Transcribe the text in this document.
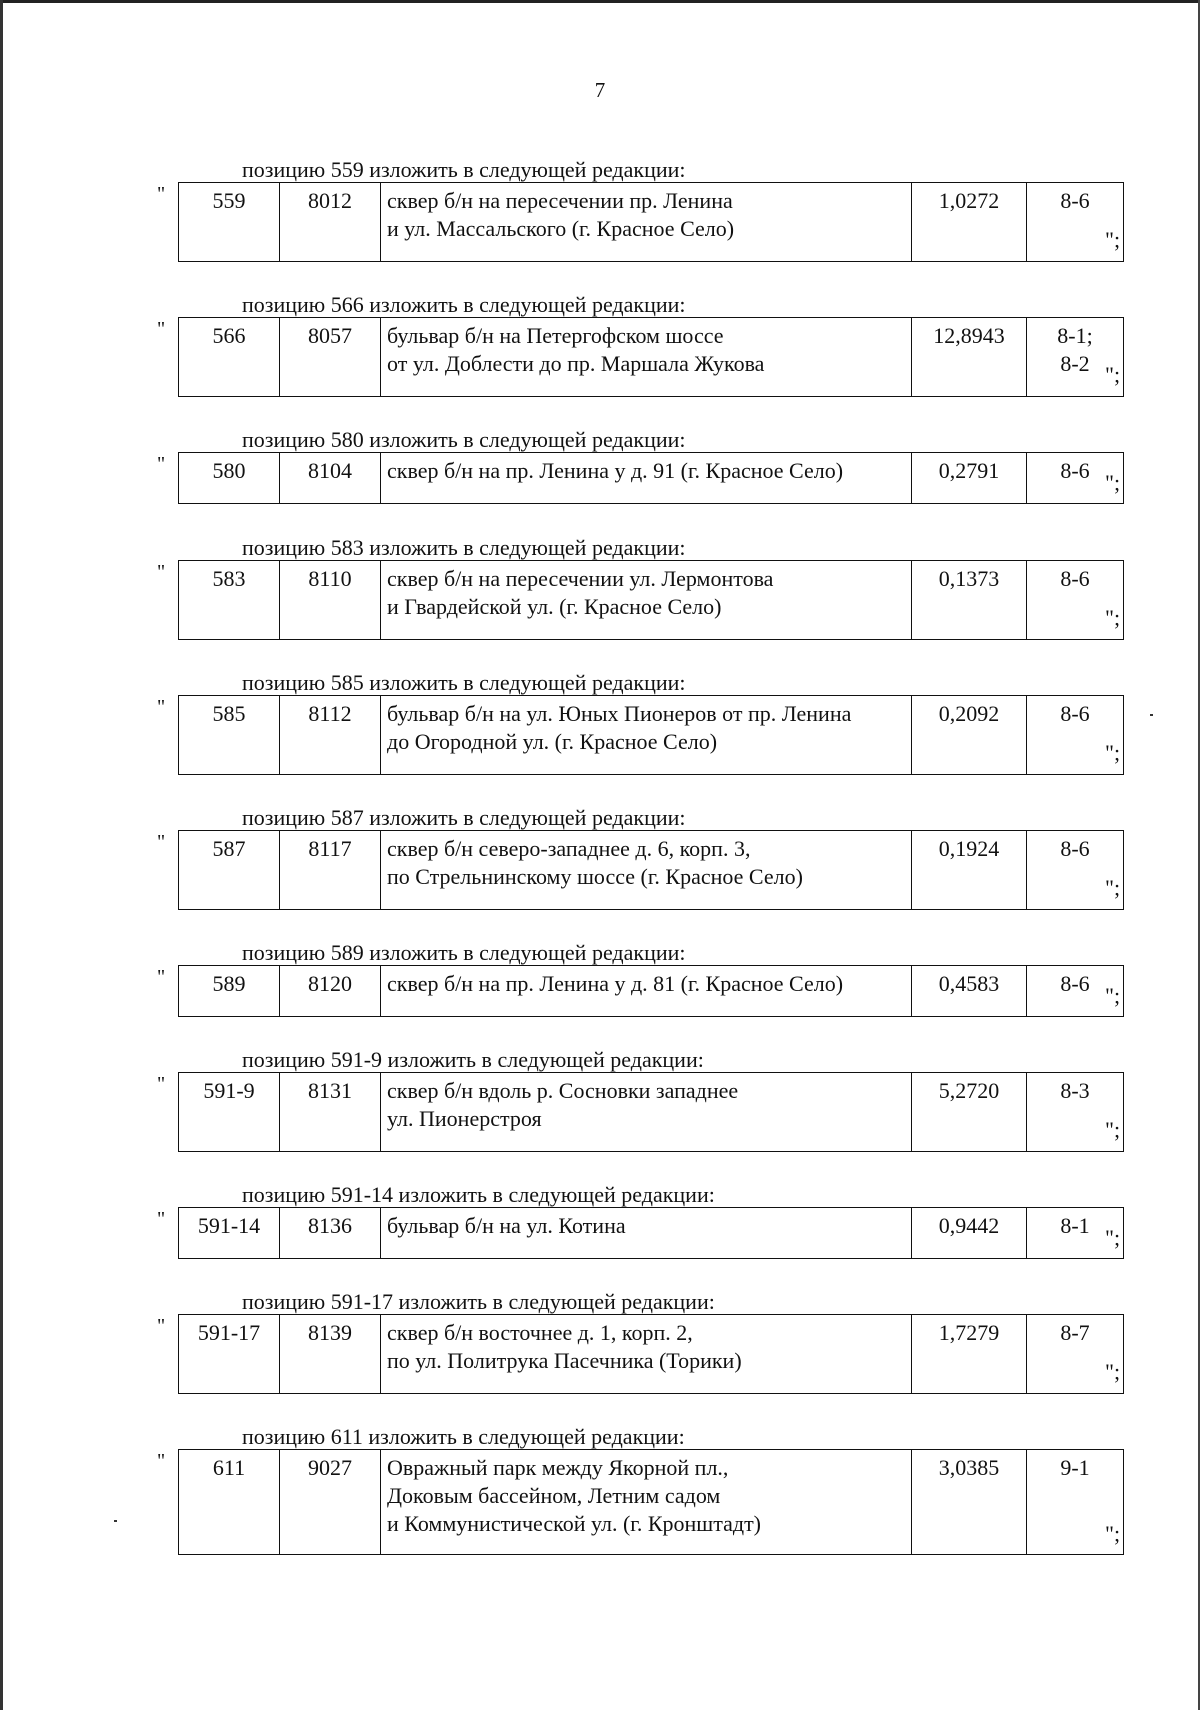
7
позицию 559 изложить в следующей редакции:
" 559	8012	сквер б/н на пересечении пр. Ленина
и ул. Массальского (г. Красное Село)
	1,0272	8-6
";
позицию 566 изложить в следующей редакции:
" 566	8057	бульвар б/н на Петергофском шоссе
от ул. Доблести до пр. Маршала Жукова
	12,8943	8-1;
8-2 ";
позицию 580 изложить в следующей редакции:
" 580	8104	сквер б/н на пр. Ленина у д. 91 (г. Красное Село)	0,2791	8-6 ";
позицию 583 изложить в следующей редакции:
" 583	8110	сквер б/н на пересечении ул. Лермонтова
и Гвардейской ул. (г. Красное Село)
	0,1373	8-6
";
позицию 585 изложить в следующей редакции:
" 585	8112	бульвар б/н на ул. Юных Пионеров от пр. Ленина
до Огородной ул. (г. Красное Село)
	0,2092	8-6
";
позицию 587 изложить в следующей редакции:
" 587	8117	сквер б/н северо-западнее д. 6, корп. 3,
по Стрельнинскому шоссе (г. Красное Село)
	0,1924	8-6
";
позицию 589 изложить в следующей редакции:
" 589	8120	сквер б/н на пр. Ленина у д. 81 (г. Красное Село)	0,4583	8-6 ";
позицию 591-9 изложить в следующей редакции:
" 591-9	8131	сквер б/н вдоль р. Сосновки западнее
ул. Пионерстроя
	5,2720	8-3
";
позицию 591-14 изложить в следующей редакции:
" 591-14	8136	бульвар б/н на ул. Котина	0,9442	8-1 ";
позицию 591-17 изложить в следующей редакции:
" 591-17	8139	сквер б/н восточнее д. 1, корп. 2,
по ул. Политрука Пасечника (Торики)
	1,7279	8-7
";
позицию 611 изложить в следующей редакции:
" 611	9027	Овражный парк между Якорной пл.,
Доковым бассейном, Летним садом
и Коммунистической ул. (г. Кронштадт)
	3,0385	9-1
";
